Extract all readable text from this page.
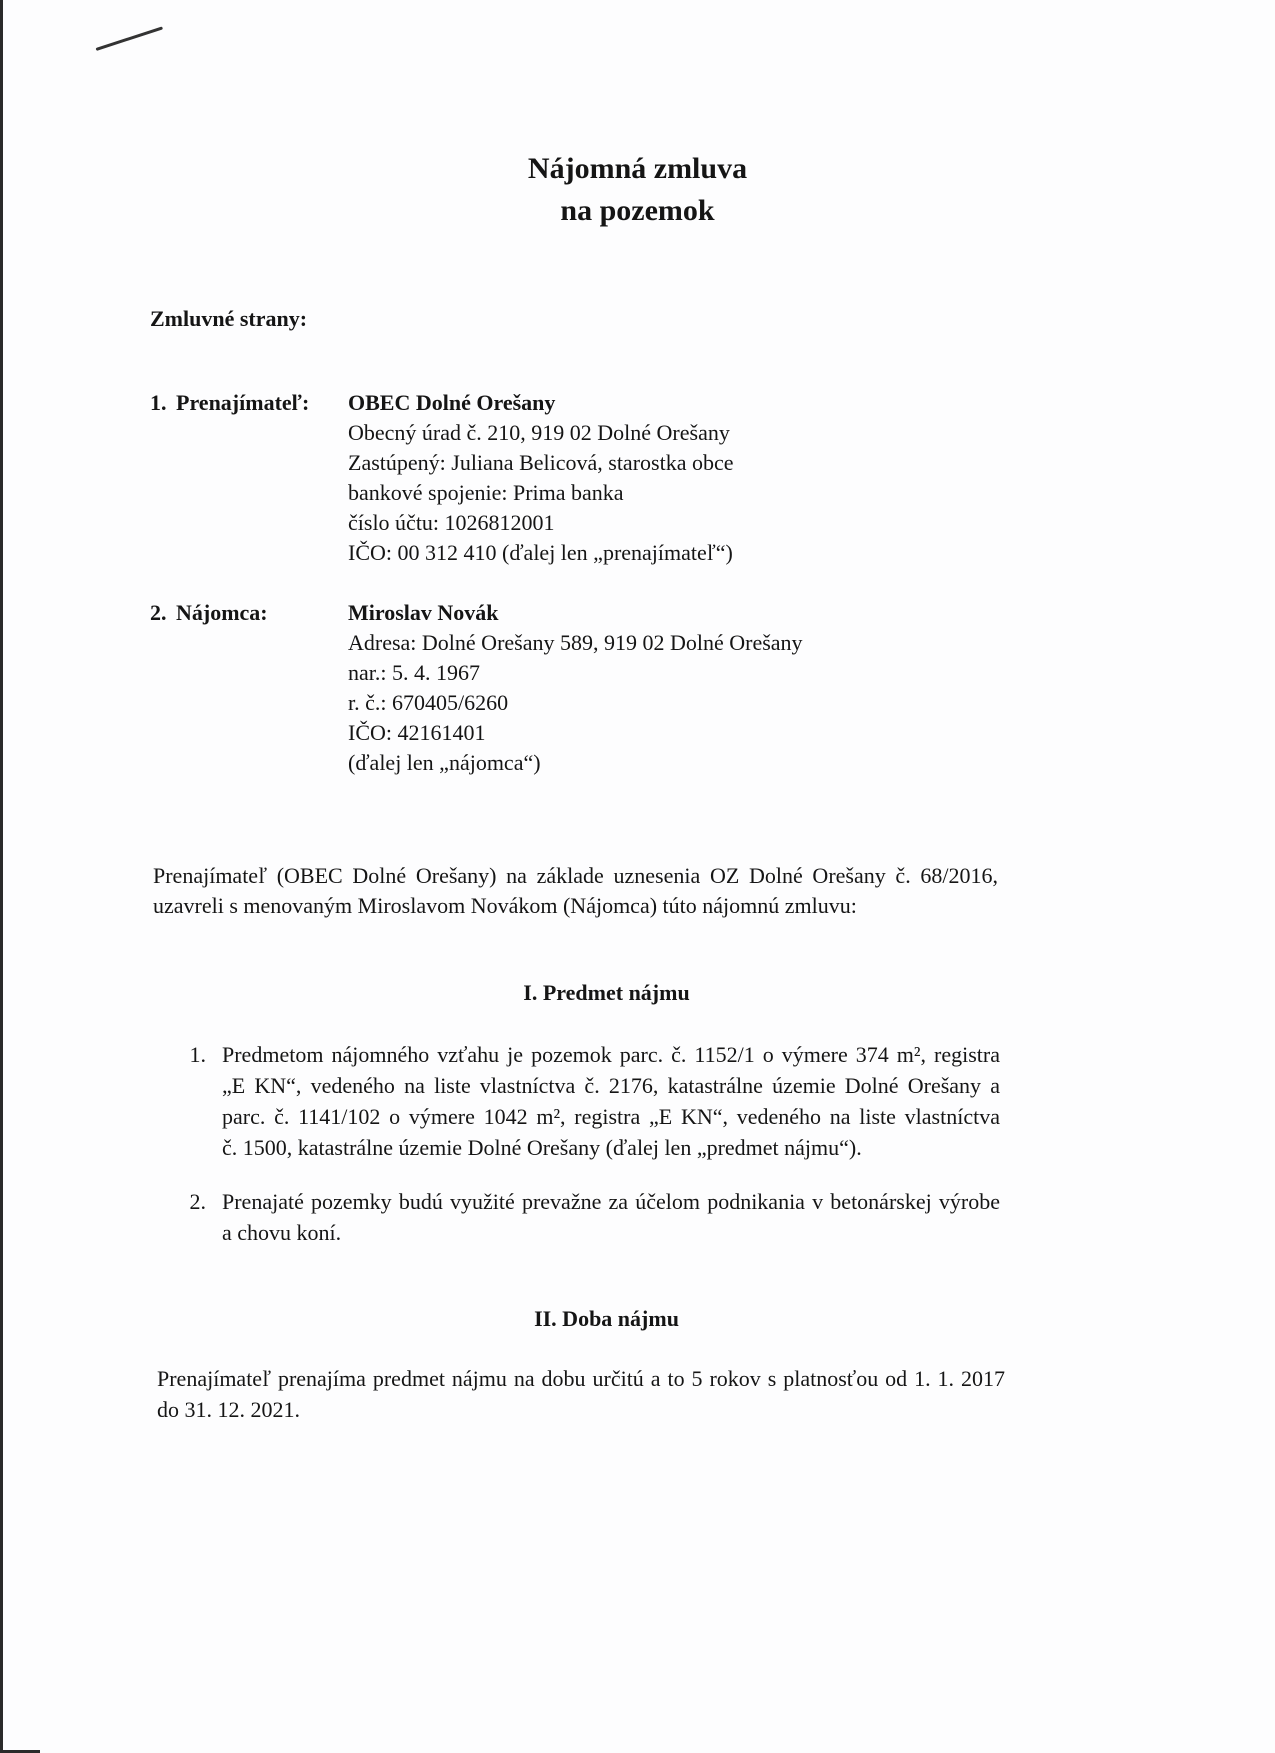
Nájomná zmluva
na pozemok
Zmluvné strany:
1. Prenajímateľ: OBEC Dolné Orešany
Obecný úrad č. 210, 919 02 Dolné Orešany
Zastúpený: Juliana Belicová, starostka obce
bankové spojenie: Prima banka
číslo účtu: 1026812001
IČO: 00 312 410 (ďalej len „prenajímateľ“)
2. Nájomca:	Miroslav Novák
Adresa: Dolné Orešany 589, 919 02 Dolné Orešany
nar.: 5. 4. 1967
r. č.: 670405/6260
IČO: 42161401
(ďalej len „nájomca“)
Prenajímateľ (OBEC Dolné Orešany) na základe uznesenia OZ Dolné Orešany č. 68/2016,
uzavreli s menovaným Miroslavom Novákom (Nájomca) túto nájomnú zmluvu:
I. Predmet nájmu
1. Predmetom nájomného vzťahu je pozemok parc. č. 1152/1 o výmere 374 m², registra
„E KN“, vedeného na liste vlastníctva č. 2176, katastrálne územie Dolné Orešany a
parc. č. 1141/102 o výmere 1042 m², registra „E KN“, vedeného na liste vlastníctva
č. 1500, katastrálne územie Dolné Orešany (ďalej len „predmet nájmu“).
2. Prenajaté pozemky budú využité prevažne za účelom podnikania v betonárskej výrobe
a chovu koní.
II. Doba nájmu
Prenajímateľ prenajíma predmet nájmu na dobu určitú a to 5 rokov s platnosťou od 1. 1. 2017
do 31. 12. 2021.
